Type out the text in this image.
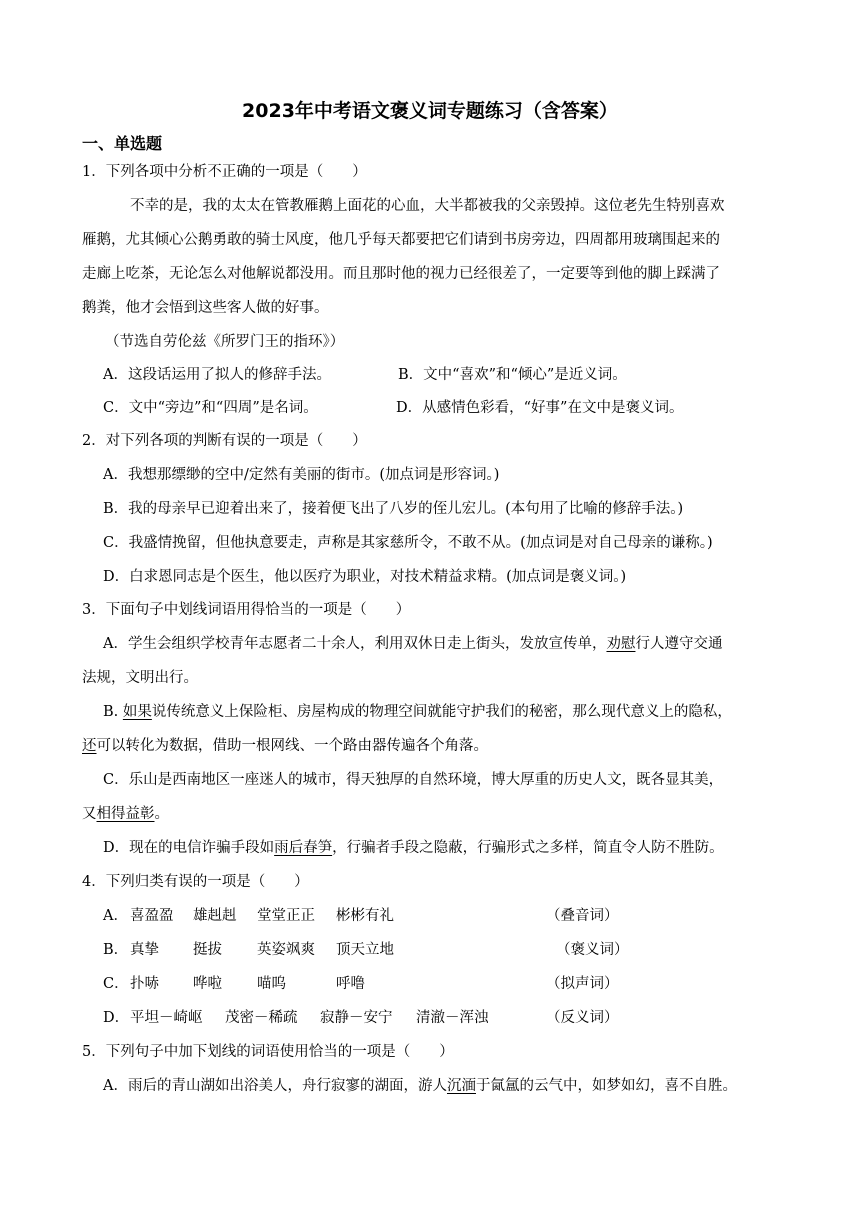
2023年中考语文褒义词专题练习（含答案）
一、单选题
1．下列各项中分析不正确的一项是（　　）
不幸的是，我的太太在管教雁鹅上面花的心血，大半都被我的父亲毁掉。这位老先生特别喜欢
雁鹅，尤其倾心公鹅勇敢的骑士风度，他几乎每天都要把它们请到书房旁边，四周都用玻璃围起来的
走廊上吃茶，无论怎么对他解说都没用。而且那时他的视力已经很差了，一定要等到他的脚上踩满了
鹅粪，他才会悟到这些客人做的好事。
（节选自劳伦兹《所罗门王的指环》）
A．这段话运用了拟人的修辞手法。	B．文中“喜欢”和“倾心”是近义词。
C．文中“旁边”和“四周”是名词。	D．从感情色彩看，“好事”在文中是褒义词。
2．对下列各项的判断有误的一项是（　　）
A．我想那缥缈的空中/定然有美丽的街市。(加点词是形容词。)
B．我的母亲早已迎着出来了，接着便飞出了八岁的侄儿宏儿。(本句用了比喻的修辞手法。)
C．我盛情挽留，但他执意要走，声称是其家慈所令，不敢不从。(加点词是对自己母亲的谦称。)
D．白求恩同志是个医生，他以医疗为职业，对技术精益求精。(加点词是褒义词。)
3．下面句子中划线词语用得恰当的一项是（　　）
A．学生会组织学校青年志愿者二十余人，利用双休日走上街头，发放宣传单，劝慰行人遵守交通
法规，文明出行。
B. 如果说传统意义上保险柜、房屋构成的物理空间就能守护我们的秘密，那么现代意义上的隐私，
还可以转化为数据，借助一根网线、一个路由器传遍各个角落。
C．乐山是西南地区一座迷人的城市，得天独厚的自然环境，博大厚重的历史人文，既各显其美，
又相得益彰。
D．现在的电信诈骗手段如雨后春笋，行骗者手段之隐蔽，行骗形式之多样，简直令人防不胜防。
4．下列归类有误的一项是（　　）
A． 喜盈盈 雄赳赳 堂堂正正 彬彬有礼	（叠音词）
B． 真挚 挺拔 英姿飒爽 顶天立地	（褒义词）
C． 扑哧 哗啦 喵呜	呼噜	（拟声词）
D． 平坦－崎岖 茂密－稀疏 寂静－安宁 清澈－浑浊	（反义词）
5．下列句子中加下划线的词语使用恰当的一项是（　　）
A．雨后的青山湖如出浴美人，舟行寂寥的湖面，游人沉湎于氤氲的云气中，如梦如幻，喜不自胜。
